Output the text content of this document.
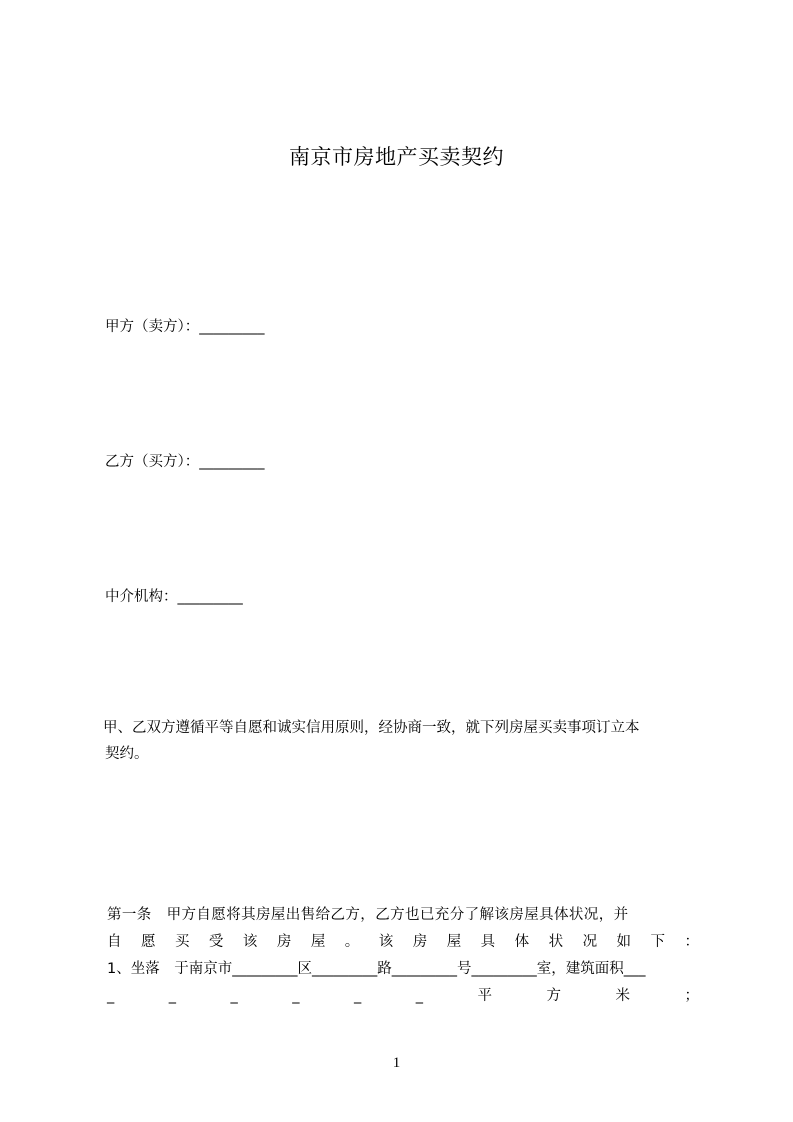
南京市房地产买卖契约
甲方（卖方）：_________
乙方（买方）：_________
中介机构：_________
甲、乙双方遵循平等自愿和诚实信用原则，经协商一致，就下列房屋买卖事项订立本
契约。
第一条　甲方自愿将其房屋出售给乙方，乙方也已充分了解该房屋具体状况，并
自 愿 买 受 该 房 屋 。 该 房 屋 具 体 状 况 如 下 ：
1、坐落　于南京市_________区_________路_________号_________室，建筑面积___
_	_	_	_	_	_	平	方	米	；
1
